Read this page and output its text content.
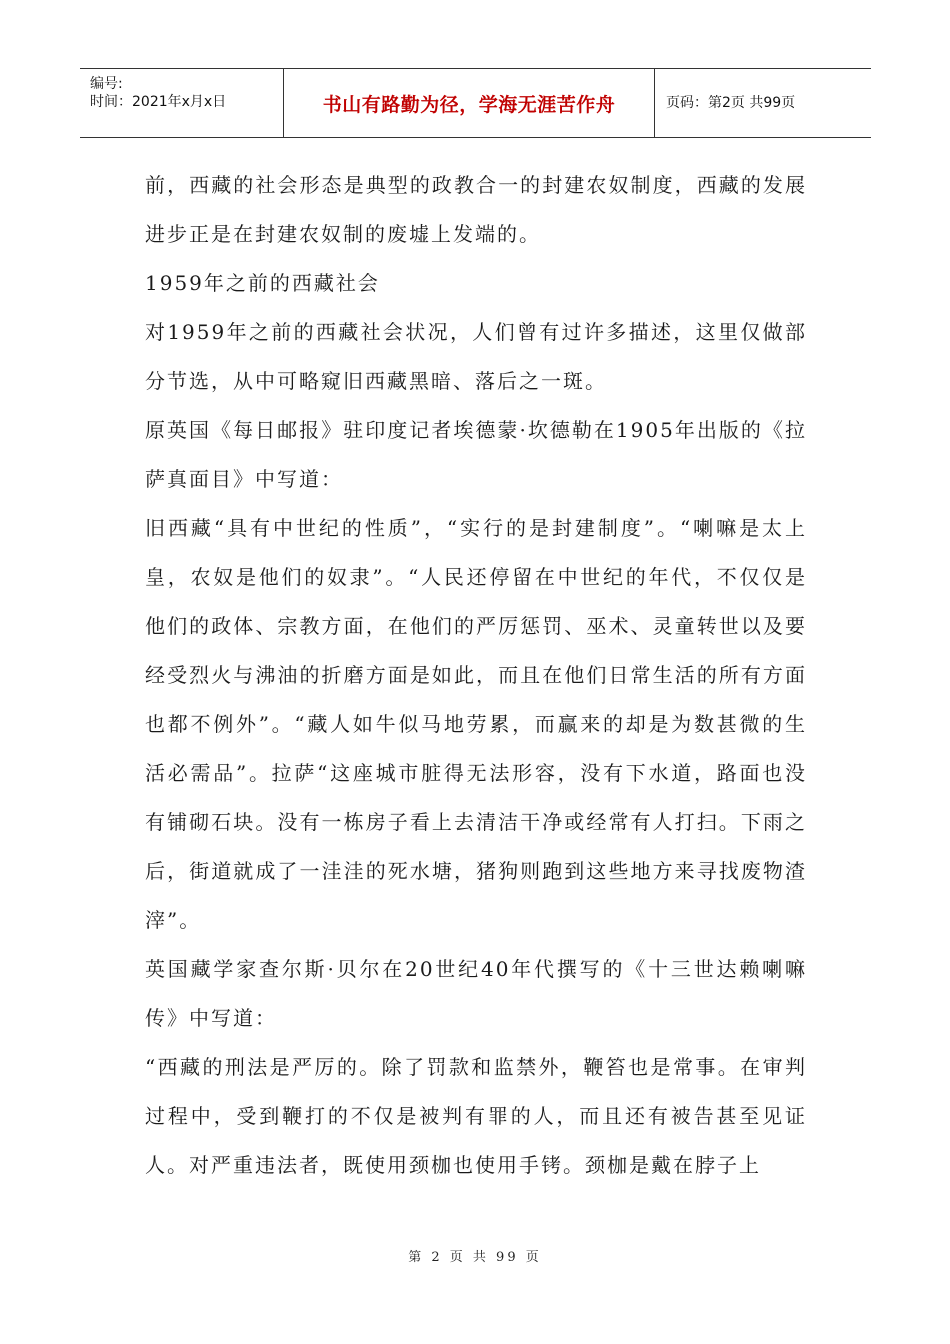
编号:
时间：2021年x月x日	书山有路勤为径，学海无涯苦作舟	页码：第2页 共99页

前，西藏的社会形态是典型的政教合一的封建农奴制度，西藏的发展进步正是在封建农奴制的废墟上发端的。

1959年之前的西藏社会

对1959年之前的西藏社会状况，人们曾有过许多描述，这里仅做部分节选，从中可略窥旧西藏黑暗、落后之一斑。

原英国《每日邮报》驻印度记者埃德蒙·坎德勒在1905年出版的《拉萨真面目》中写道：

旧西藏“具有中世纪的性质”，“实行的是封建制度”。“喇嘛是太上皇，农奴是他们的奴隶”。“人民还停留在中世纪的年代，不仅仅是他们的政体、宗教方面，在他们的严厉惩罚、巫术、灵童转世以及要经受烈火与沸油的折磨方面是如此，而且在他们日常生活的所有方面也都不例外”。“藏人如牛似马地劳累，而赢来的却是为数甚微的生活必需品”。拉萨“这座城市脏得无法形容，没有下水道，路面也没有铺砌石块。没有一栋房子看上去清洁干净或经常有人打扫。下雨之后，街道就成了一洼洼的死水塘，猪狗则跑到这些地方来寻找废物渣滓”。

英国藏学家查尔斯·贝尔在20世纪40年代撰写的《十三世达赖喇嘛传》中写道：

“西藏的刑法是严厉的。除了罚款和监禁外，鞭笞也是常事。在审判过程中，受到鞭打的不仅是被判有罪的人，而且还有被告甚至见证人。对严重违法者，既使用颈枷也使用手铐。颈枷是戴在脖子上

第 2 页 共 99 页
